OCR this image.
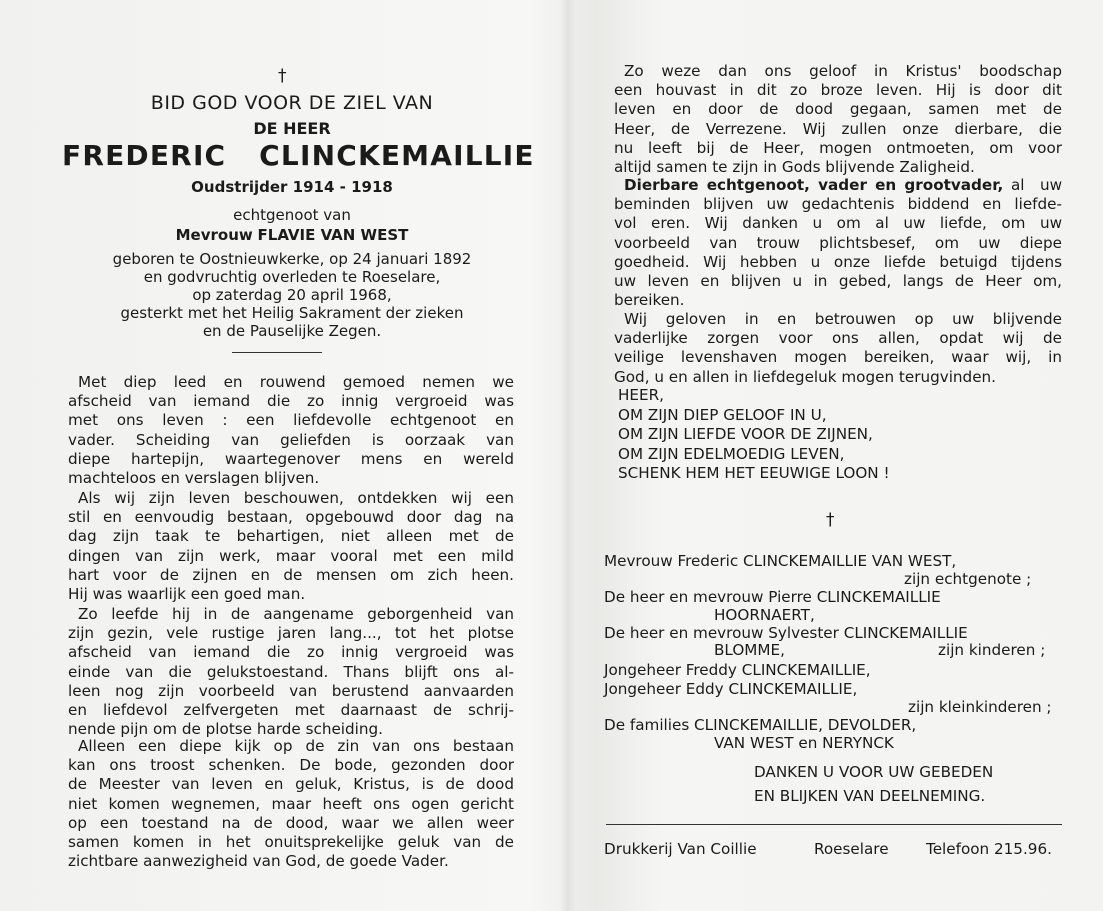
†
BID GOD VOOR DE ZIEL VAN
DE HEER
FREDERIC   CLINCKEMAILLIE
Oudstrijder 1914 - 1918
echtgenoot van
Mevrouw FLAVIE VAN WEST
geboren te Oostnieuwkerke, op 24 januari 1892
en godvruchtig overleden te Roeselare,
op zaterdag 20 april 1968,
gesterkt met het Heilig Sakrament der zieken
en de Pauselijke Zegen.
Met diep leed en rouwend gemoed nemen we
afscheid van iemand die zo innig vergroeid was
met ons leven : een liefdevolle echtgenoot en
vader. Scheiding van geliefden is oorzaak van
diepe hartepijn, waartegenover mens en wereld
machteloos en verslagen blijven.
Als wij zijn leven beschouwen, ontdekken wij een
stil en eenvoudig bestaan, opgebouwd door dag na
dag zijn taak te behartigen, niet alleen met de
dingen van zijn werk, maar vooral met een mild
hart voor de zijnen en de mensen om zich heen.
Hij was waarlijk een goed man.
Zo leefde hij in de aangename geborgenheid van
zijn gezin, vele rustige jaren lang..., tot het plotse
afscheid van iemand die zo innig vergroeid was
einde van die gelukstoestand. Thans blijft ons al-
leen nog zijn voorbeeld van berustend aanvaarden
en liefdevol zelfvergeten met daarnaast de schrij-
nende pijn om de plotse harde scheiding.
Alleen een diepe kijk op de zin van ons bestaan
kan ons troost schenken. De bode, gezonden door
de Meester van leven en geluk, Kristus, is de dood
niet komen wegnemen, maar heeft ons ogen gericht
op een toestand na de dood, waar we allen weer
samen komen in het onuitsprekelijke geluk van de
zichtbare aanwezigheid van God, de goede Vader.
Zo weze dan ons geloof in Kristus' boodschap
een houvast in dit zo broze leven. Hij is door dit
leven en door de dood gegaan, samen met de
Heer, de Verrezene. Wij zullen onze dierbare, die
nu leeft bij de Heer, mogen ontmoeten, om voor
altijd samen te zijn in Gods blijvende Zaligheid.
Dierbare echtgenoot, vader en grootvader, al  uw
beminden blijven uw gedachtenis biddend en liefde-
vol eren. Wij danken u om al uw liefde, om uw
voorbeeld van trouw plichtsbesef, om uw diepe
goedheid. Wij hebben u onze liefde betuigd tijdens
uw leven en blijven u in gebed, langs de Heer om,
bereiken.
Wij geloven in en betrouwen op uw blijvende
vaderlijke zorgen voor ons allen, opdat wij de
veilige levenshaven mogen bereiken, waar wij, in
God, u en allen in liefdegeluk mogen terugvinden.
HEER,
OM ZIJN DIEP GELOOF IN U,
OM ZIJN LIEFDE VOOR DE ZIJNEN,
OM ZIJN EDELMOEDIG LEVEN,
SCHENK HEM HET EEUWIGE LOON !
†
Mevrouw Frederic CLINCKEMAILLIE VAN WEST,
zijn echtgenote ;
De heer en mevrouw Pierre CLINCKEMAILLIE
HOORNAERT,
De heer en mevrouw Sylvester CLINCKEMAILLIE
BLOMME,	zijn kinderen ;
Jongeheer Freddy CLINCKEMAILLIE,
Jongeheer Eddy CLINCKEMAILLIE,
zijn kleinkinderen ;
De families CLINCKEMAILLIE, DEVOLDER,
VAN WEST en NERYNCK
DANKEN U VOOR UW GEBEDEN
EN BLIJKEN VAN DEELNEMING.
Drukkerij Van Coillie	Roeselare Telefoon 215.96.
